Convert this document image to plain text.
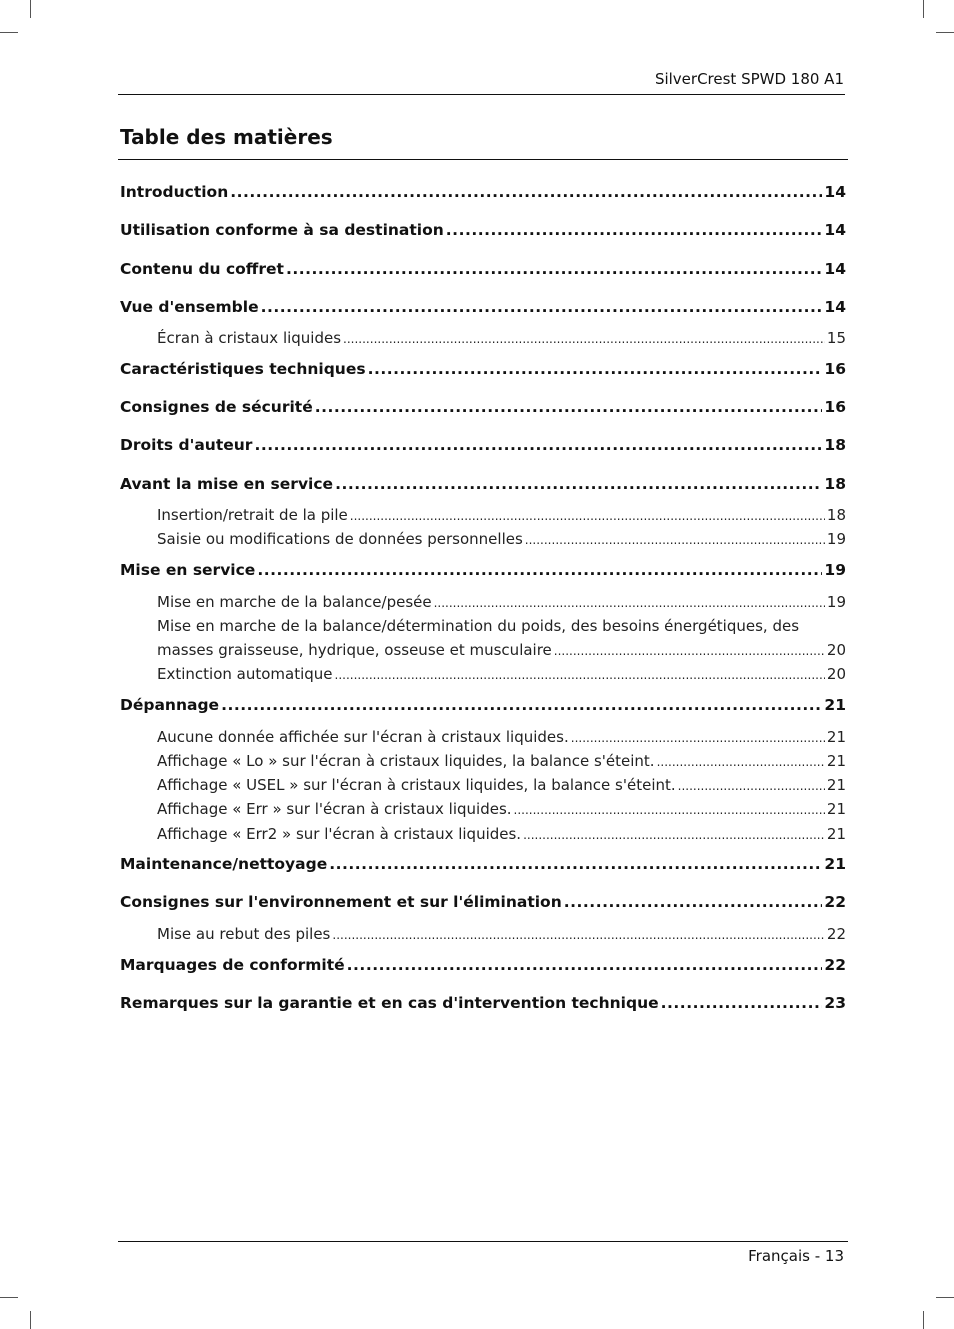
SilverCrest SPWD 180 A1
Table des matières
Introduction .....	14
Utilisation conforme à sa destination .....	14
Contenu du coffret .....	14
Vue d'ensemble .....	14
Écran à cristaux liquides .....	15
Caractéristiques techniques .....	16
Consignes de sécurité .....	16
Droits d'auteur .....	18
Avant la mise en service .....	18
Insertion/retrait de la pile .....	18
Saisie ou modifications de données personnelles .....	19
Mise en service .....	19
Mise en marche de la balance/pesée .....	19
Mise en marche de la balance/détermination du poids, des besoins énergétiques, des
masses graisseuse, hydrique, osseuse et musculaire .....	20
Extinction automatique .....	20
Dépannage .....	21
Aucune donnée affichée sur l'écran à cristaux liquides. .....	21
Affichage « Lo » sur l'écran à cristaux liquides, la balance s'éteint. .....	21
Affichage « USEL » sur l'écran à cristaux liquides, la balance s'éteint. .....	21
Affichage « Err » sur l'écran à cristaux liquides. .....	21
Affichage « Err2 » sur l'écran à cristaux liquides. .....	21
Maintenance/nettoyage .....	21
Consignes sur l'environnement et sur l'élimination .....	22
Mise au rebut des piles .....	22
Marquages de conformité .....	22
Remarques sur la garantie et en cas d'intervention technique .....	23
Français - 13
